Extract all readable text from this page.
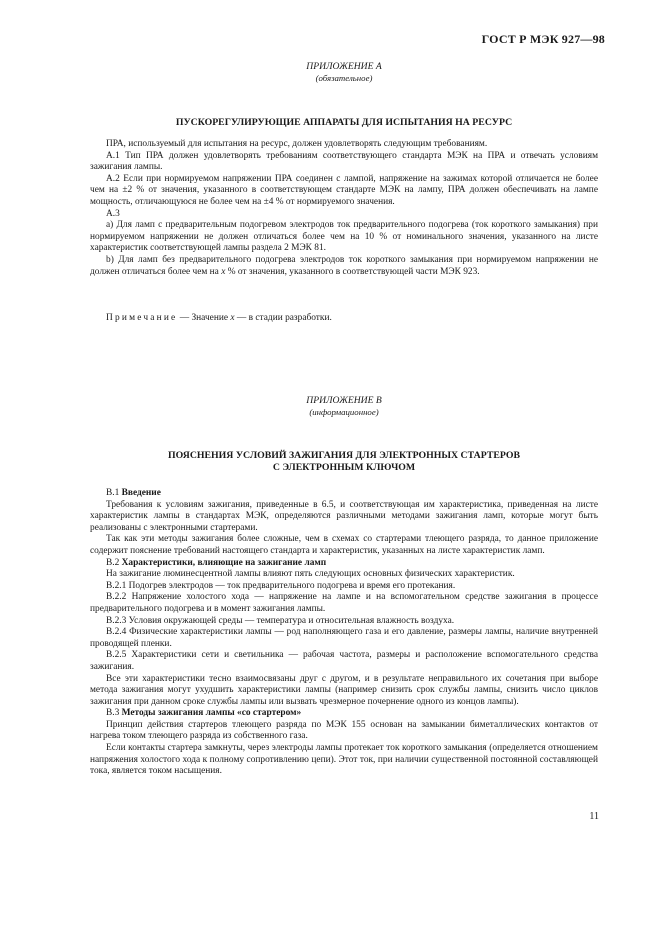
ГОСТ Р МЭК 927—98
ПРИЛОЖЕНИЕ А
(обязательное)
ПУСКОРЕГУЛИРУЮЩИЕ АППАРАТЫ ДЛЯ ИСПЫТАНИЯ НА РЕСУРС

ПРА, используемый для испытания на ресурс, должен удовлетворять следующим требованиям.

А.1 Тип ПРА должен удовлетворять требованиям соответствующего стандарта МЭК на ПРА и отвечать условиям зажигания лампы.

А.2 Если при нормируемом напряжении ПРА соединен с лампой, напряжение на зажимах которой отличается не более чем на ±2 % от значения, указанного в соответствующем стандарте МЭК на лампу, ПРА должен обеспечивать на лампе мощность, отличающуюся не более чем на ±4 % от нормируемого значения.

А.3

а) Для ламп с предварительным подогревом электродов ток предварительного подогрева (ток короткого замыкания) при нормируемом напряжении не должен отличаться более чем на 10 % от номинального значения, указанного на листе характеристик соответствующей лампы раздела 2 МЭК 81.

b) Для ламп без предварительного подогрева электродов ток короткого замыкания при нормируемом напряжении не должен отличаться более чем на x % от значения, указанного в соответствующей части МЭК 923.

Примечание — Значение x — в стадии разработки.

ПРИЛОЖЕНИЕ В
(информационное)
ПОЯСНЕНИЯ УСЛОВИЙ ЗАЖИГАНИЯ ДЛЯ ЭЛЕКТРОННЫХ СТАРТЕРОВ
С ЭЛЕКТРОННЫМ КЛЮЧОМ

В.1 Введение

Требования к условиям зажигания, приведенные в 6.5, и соответствующая им характеристика, приведенная на листе характеристик лампы в стандартах МЭК, определяются различными методами зажигания ламп, которые могут быть реализованы с электронными стартерами.

Так как эти методы зажигания более сложные, чем в схемах со стартерами тлеющего разряда, то данное приложение содержит пояснение требований настоящего стандарта и характеристик, указанных на листе характеристик ламп.

В.2 Характеристики, влияющие на зажигание ламп

На зажигание люминесцентной лампы влияют пять следующих основных физических характеристик.

В.2.1 Подогрев электродов — ток предварительного подогрева и время его протекания.

В.2.2 Напряжение холостого хода — напряжение на лампе и на вспомогательном средстве зажигания в процессе предварительного подогрева и в момент зажигания лампы.

В.2.3 Условия окружающей среды — температура и относительная влажность воздуха.

В.2.4 Физические характеристики лампы — род наполняющего газа и его давление, размеры лампы, наличие внутренней проводящей пленки.

В.2.5 Характеристики сети и светильника — рабочая частота, размеры и расположение вспомогательного средства зажигания.

Все эти характеристики тесно взаимосвязаны друг с другом, и в результате неправильного их сочетания при выборе метода зажигания могут ухудшить характеристики лампы (например снизить срок службы лампы, снизить число циклов зажигания при данном сроке службы лампы или вызвать чрезмерное почернение одного из концов лампы).

В.3 Методы зажигания лампы «со стартером»

Принцип действия стартеров тлеющего разряда по МЭК 155 основан на замыкании биметаллических контактов от нагрева током тлеющего разряда из собственного газа.

Если контакты стартера замкнуты, через электроды лампы протекает ток короткого замыкания (определяется отношением напряжения холостого хода к полному сопротивлению цепи). Этот ток, при наличии существенной постоянной составляющей тока, является током насыщения.

11
